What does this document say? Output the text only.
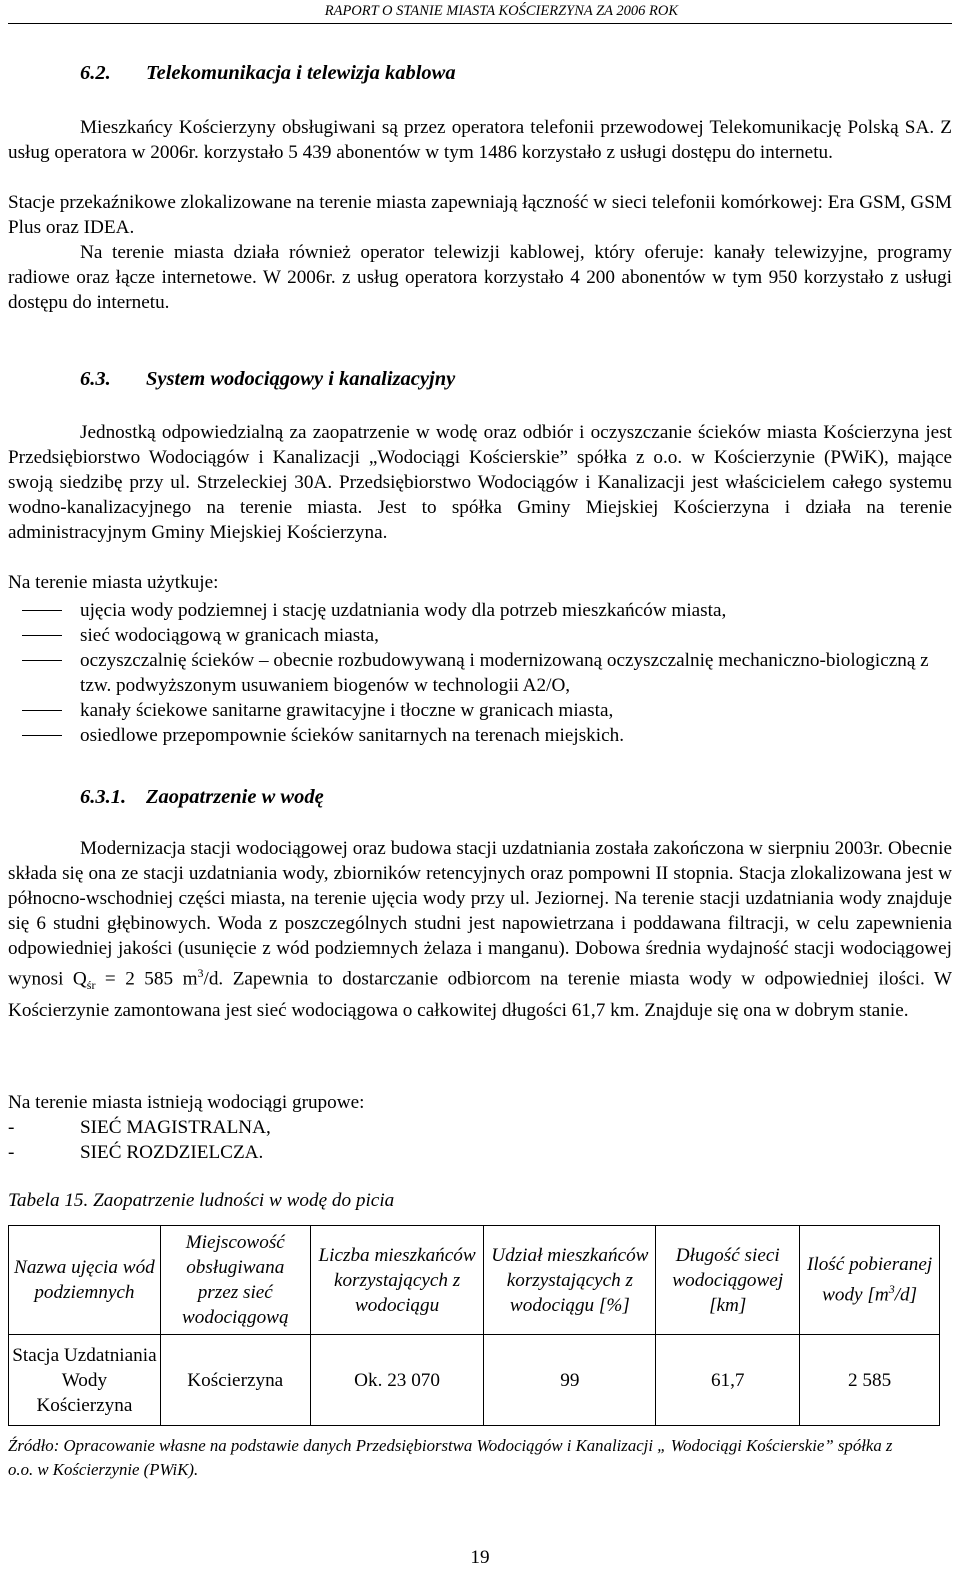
RAPORT O STANIE MIASTA KOŚCIERZYNA ZA 2006 ROK
6.2. Telekomunikacja i telewizja kablowa

Mieszkańcy Kościerzyny obsługiwani są przez operatora telefonii przewodowej Telekomunikację Polską SA. Z usług operatora w 2006r. korzystało 5 439 abonentów w tym 1486 korzystało z usługi dostępu do internetu.

Stacje przekaźnikowe zlokalizowane na terenie miasta zapewniają łączność w sieci telefonii komórkowej: Era GSM, GSM Plus oraz IDEA.

Na terenie miasta działa również operator telewizji kablowej, który oferuje: kanały telewizyjne, programy radiowe oraz łącze internetowe. W 2006r. z usług operatora korzystało 4 200 abonentów w tym 950 korzystało z usługi dostępu do internetu.

6.3. System wodociągowy i kanalizacyjny

Jednostką odpowiedzialną za zaopatrzenie w wodę oraz odbiór i oczyszczanie ścieków miasta Kościerzyna jest Przedsiębiorstwo Wodociągów i Kanalizacji „Wodociągi Kościerskie” spółka z o.o. w Kościerzynie (PWiK), mające swoją siedzibę przy ul. Strzeleckiej 30A. Przedsiębiorstwo Wodociągów i Kanalizacji jest właścicielem całego systemu wodno-kanalizacyjnego na terenie miasta. Jest to spółka Gminy Miejskiej Kościerzyna i działa na terenie administracyjnym Gminy Miejskiej Kościerzyna.

Na terenie miasta użytkuje:

ujęcia wody podziemnej i stację uzdatniania wody dla potrzeb mieszkańców miasta,
sieć wodociągową w granicach miasta,
oczyszczalnię ścieków – obecnie rozbudowywaną i modernizowaną oczyszczalnię mechaniczno-biologiczną z tzw. podwyższonym usuwaniem biogenów w technologii A2/O,
kanały ściekowe sanitarne grawitacyjne i tłoczne w granicach miasta,
osiedlowe przepompownie ścieków sanitarnych na terenach miejskich.
6.3.1. Zaopatrzenie w wodę

Modernizacja stacji wodociągowej oraz budowa stacji uzdatniania została zakończona w sierpniu 2003r. Obecnie składa się ona ze stacji uzdatniania wody, zbiorników retencyjnych oraz pompowni II stopnia. Stacja zlokalizowana jest w północno-wschodniej części miasta, na terenie ujęcia wody przy ul. Jeziornej. Na terenie stacji uzdatniania wody znajduje się 6 studni głębinowych. Woda z poszczególnych studni jest napowietrzana i poddawana filtracji, w celu zapewnienia odpowiedniej jakości (usunięcie z wód podziemnych żelaza i manganu). Dobowa średnia wydajność stacji wodociągowej wynosi $Q_{śr} = 2$ 585 $m^3/d$. Zapewnia to dostarczanie odbiorcom na terenie miasta wody w odpowiedniej ilości. W Kościerzynie zamontowana jest sieć wodociągowa o całkowitej długości 61,7 km. Znajduje się ona w dobrym stanie.

Na terenie miasta istnieją wodociągi grupowe:

-	SIEĆ MAGISTRALNA,
-	SIEĆ ROZDZIELCZA.
Tabela 15. Zaopatrzenie ludności w wodę do picia
Nazwa ujęcia wód podziemnych	Miejscowość obsługiwana przez sieć wodociągową	Liczba mieszkańców korzystających z wodociągu	Udział mieszkańców korzystających z wodociągu [%]	Długość sieci wodociągowej [km]	Ilość pobieranej wody $[m^3/d]$
Stacja Uzdatniania Wody Kościerzyna	Kościerzyna	Ok. 23 070	99	61,7	2 585
Źródło: Opracowanie własne na podstawie danych Przedsiębiorstwa Wodociągów i Kanalizacji „ Wodociągi Kościerskie” spółka z o.o. w Kościerzynie (PWiK).
19
